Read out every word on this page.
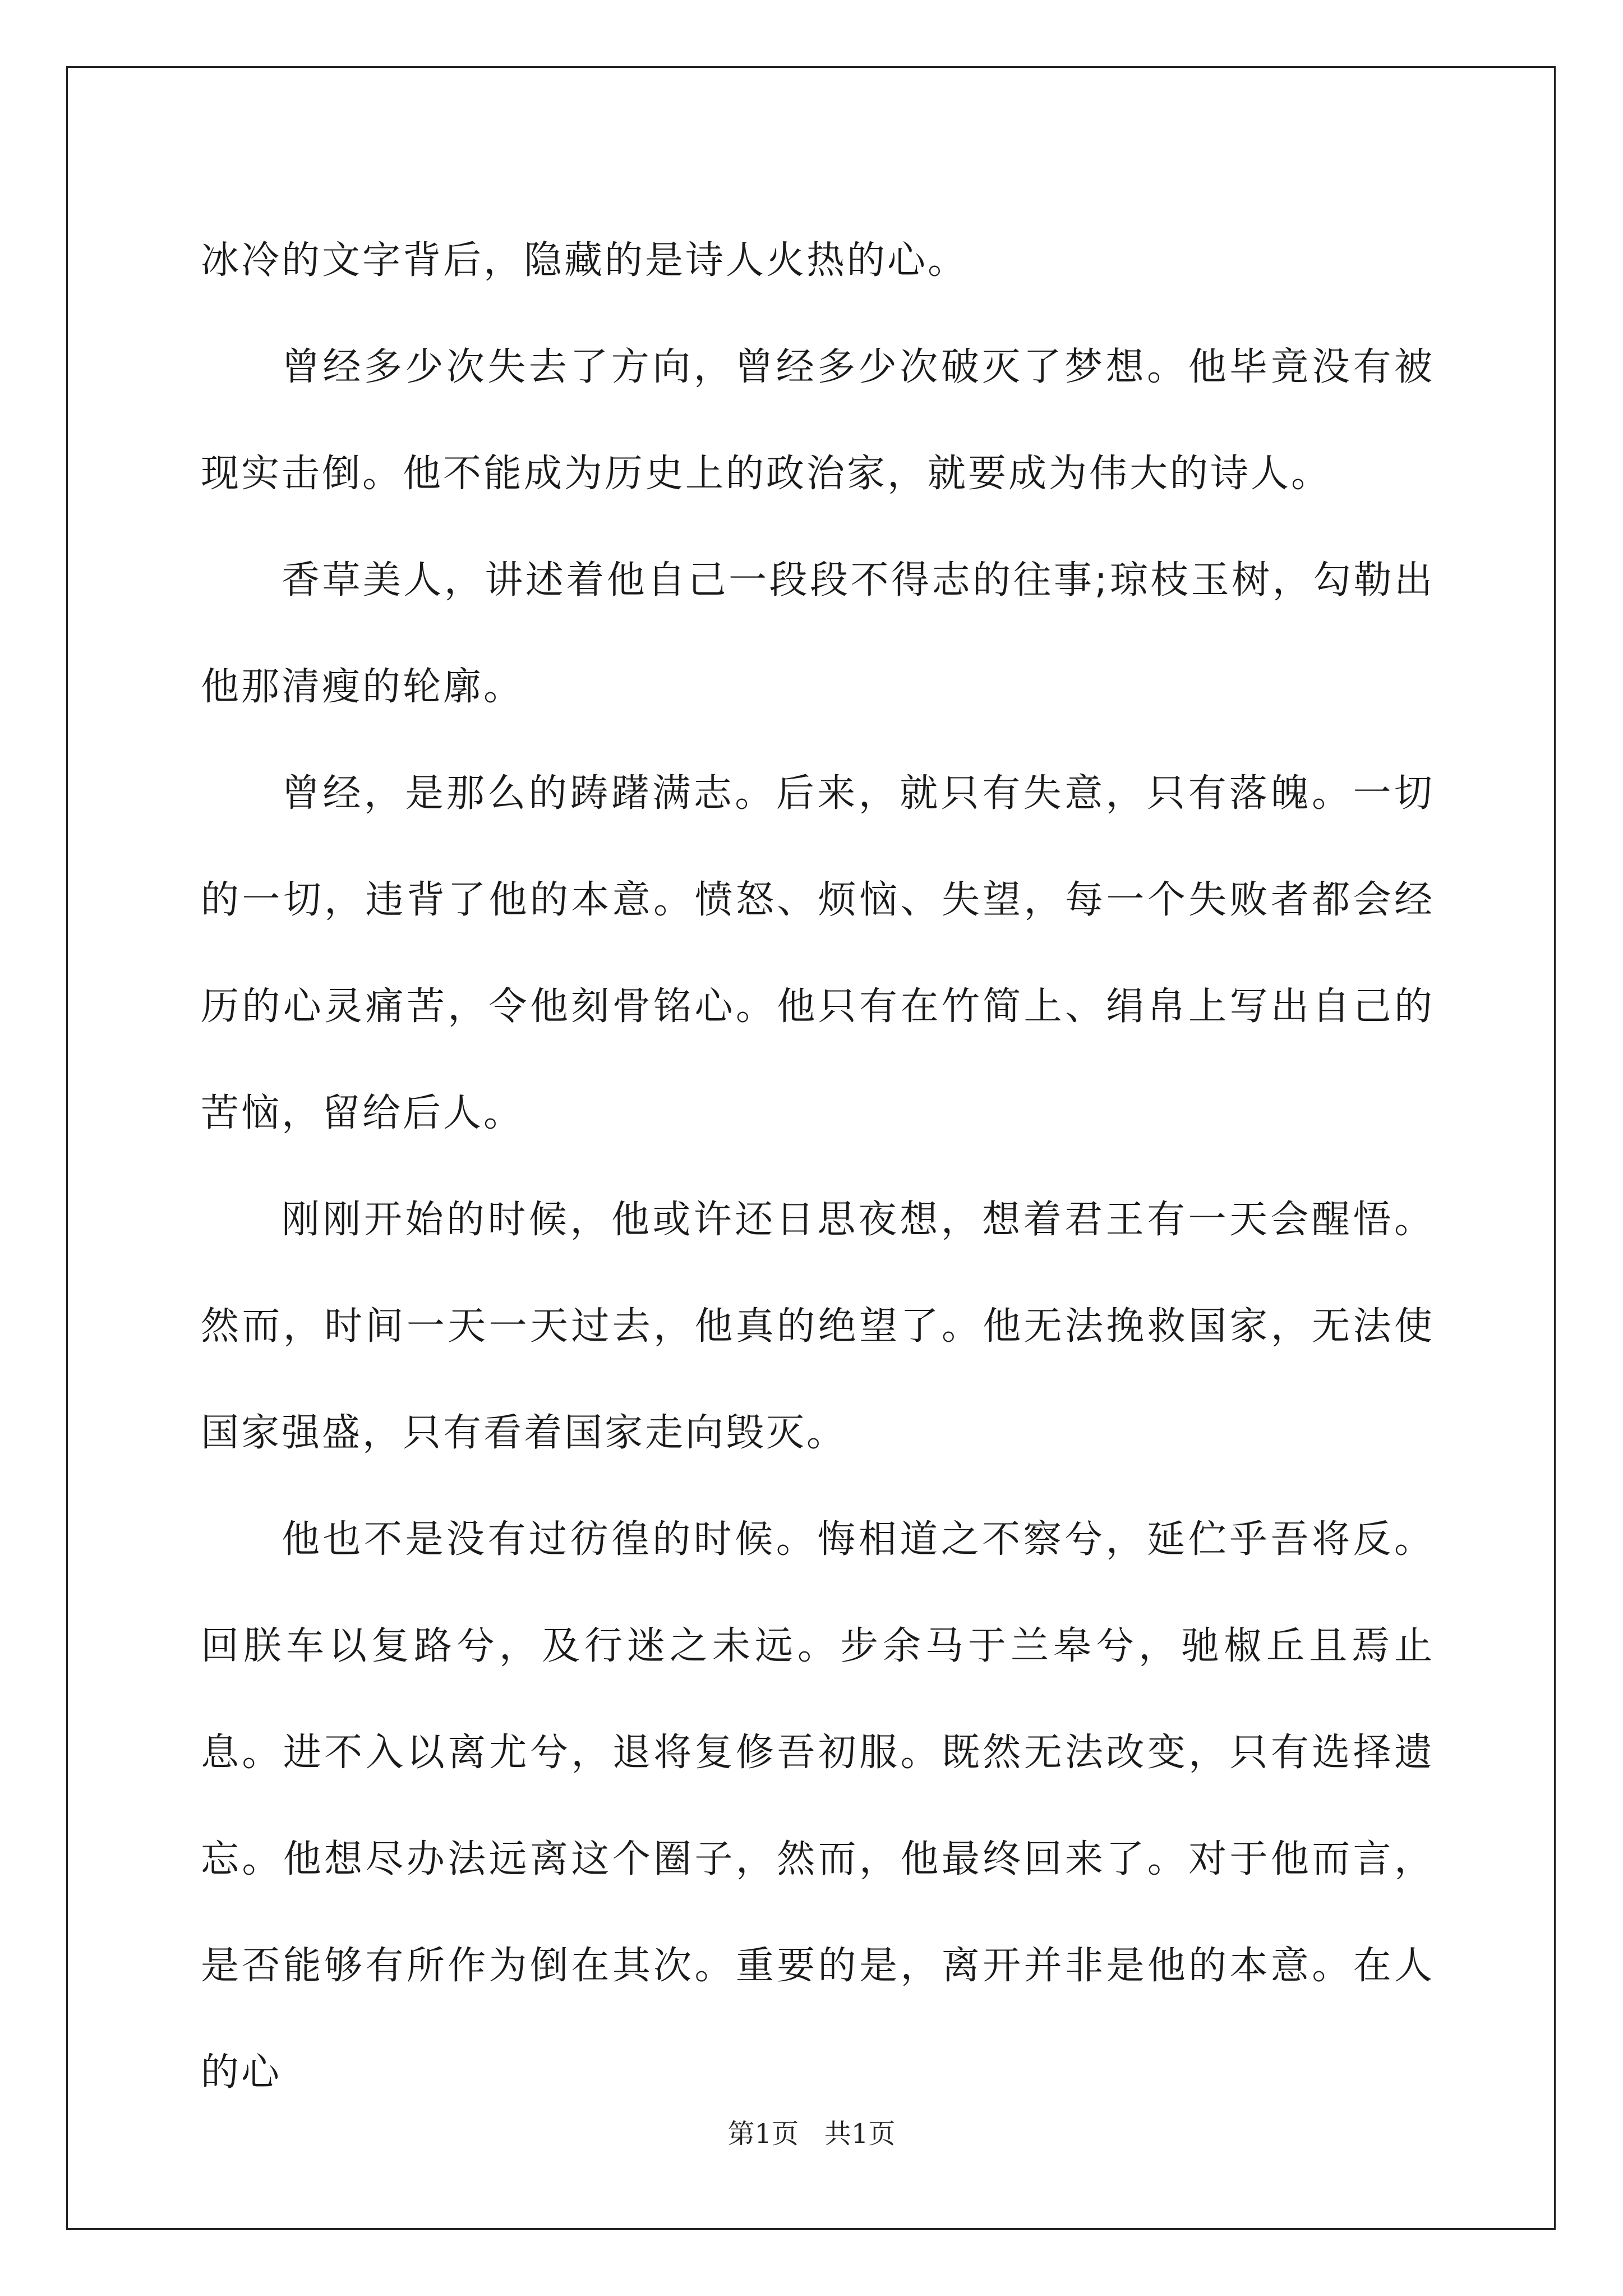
冰冷的文字背后，隐藏的是诗人火热的心。

曾经多少次失去了方向，曾经多少次破灭了梦想。他毕竟没有被现实击倒。他不能成为历史上的政治家，就要成为伟大的诗人。

香草美人，讲述着他自己一段段不得志的往事;琼枝玉树，勾勒出他那清瘦的轮廓。

曾经，是那么的踌躇满志。后来，就只有失意，只有落魄。一切的一切，违背了他的本意。愤怒、烦恼、失望，每一个失败者都会经历的心灵痛苦，令他刻骨铭心。他只有在竹简上、绢帛上写出自己的苦恼，留给后人。

刚刚开始的时候，他或许还日思夜想，想着君王有一天会醒悟。然而，时间一天一天过去，他真的绝望了。他无法挽救国家，无法使国家强盛，只有看着国家走向毁灭。

他也不是没有过彷徨的时候。悔相道之不察兮，延伫乎吾将反。回朕车以复路兮，及行迷之未远。步余马于兰皋兮，驰椒丘且焉止息。进不入以离尤兮，退将复修吾初服。既然无法改变，只有选择遗忘。他想尽办法远离这个圈子，然而，他最终回来了。对于他而言，是否能够有所作为倒在其次。重要的是，离开并非是他的本意。在人的心

第1页   共1页
